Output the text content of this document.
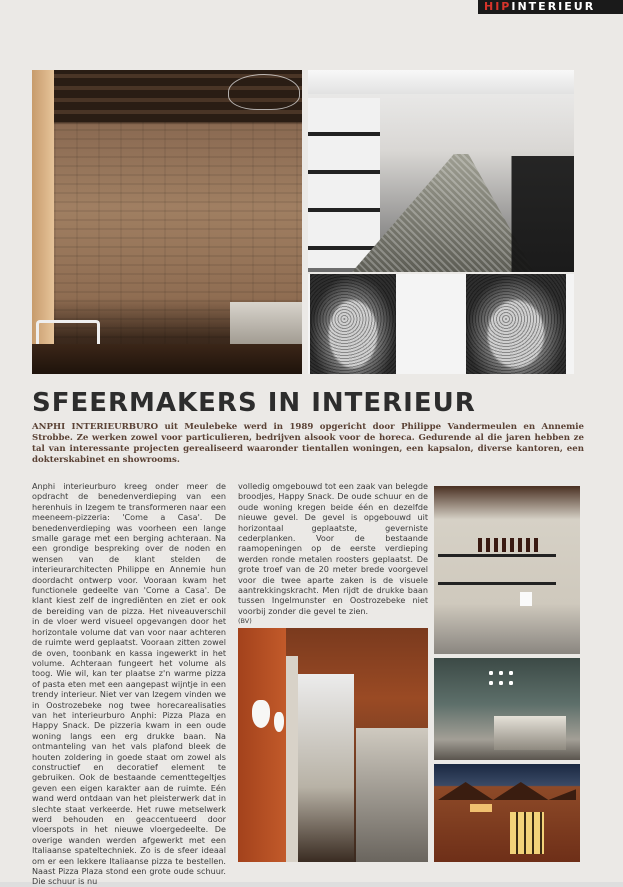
HIPINTERIEUR
SFEERMAKERS IN INTERIEUR
ANPHI INTERIEURBURO uit Meulebeke werd in 1989 opgericht door Philippe Vandermeulen en Annemie Strobbe. Ze werken zowel voor particulieren, bedrijven alsook voor de horeca. Gedurende al die jaren hebben ze tal van interessante projecten gerealiseerd waaronder tientallen woningen, een kapsalon, diverse kantoren, een dokterskabinet en showrooms.

Anphi interieurburo kreeg onder meer de opdracht de benedenverdieping van een herenhuis in Izegem te transformeren naar een meeneem-pizzeria: 'Come a Casa'. De benedenverdieping was voorheen een lange smalle garage met een berging achteraan. Na een grondige bespreking over de noden en wensen van de klant stelden de interieurarchitecten Philippe en Annemie hun doordacht ontwerp voor. Vooraan kwam het functionele gedeelte van 'Come a Casa'. De klant kiest zelf de ingrediënten en ziet er ook de bereiding van de pizza. Het niveauverschil in de vloer werd visueel opgevangen door het horizontale volume dat van voor naar achteren de ruimte werd geplaatst. Vooraan zitten zowel de oven, toonbank en kassa ingewerkt in het volume. Achteraan fungeert het volume als toog. Wie wil, kan ter plaatse z'n warme pizza of pasta eten met een aangepast wijntje in een trendy interieur. Niet ver van Izegem vinden we in Oostrozebeke nog twee horecarealisaties van het interieurburo Anphi: Pizza Plaza en Happy Snack. De pizzeria kwam in een oude woning langs een erg drukke baan. Na ontmanteling van het vals plafond bleek de houten zoldering in goede staat om zowel als constructief en decoratief element te gebruiken. Ook de bestaande cementtegeltjes geven een eigen karakter aan de ruimte. Eén wand werd ontdaan van het pleisterwerk dat in slechte staat verkeerde. Het ruwe metselwerk werd behouden en geaccentueerd door vloerspots in het nieuwe vloergedeelte. De overige wanden werden afgewerkt met een Italiaanse spateltechniek. Zo is de sfeer ideaal om er een lekkere Italiaanse pizza te bestellen. Naast Pizza Plaza stond een grote oude schuur. Die schuur is nu

volledig omgebouwd tot een zaak van belegde broodjes, Happy Snack. De oude schuur en de oude woning kregen beide één en dezelfde nieuwe gevel. De gevel is opgebouwd uit horizontaal geplaatste, geverniste cederplanken. Voor de bestaande raamopeningen op de eerste verdieping werden ronde metalen roosters geplaatst. De grote troef van de 20 meter brede voorgevel voor die twee aparte zaken is de visuele aantrekkingskracht. Men rijdt de drukke baan tussen Ingelmunster en Oostrozebeke niet voorbij zonder die gevel te zien.
(BV)
